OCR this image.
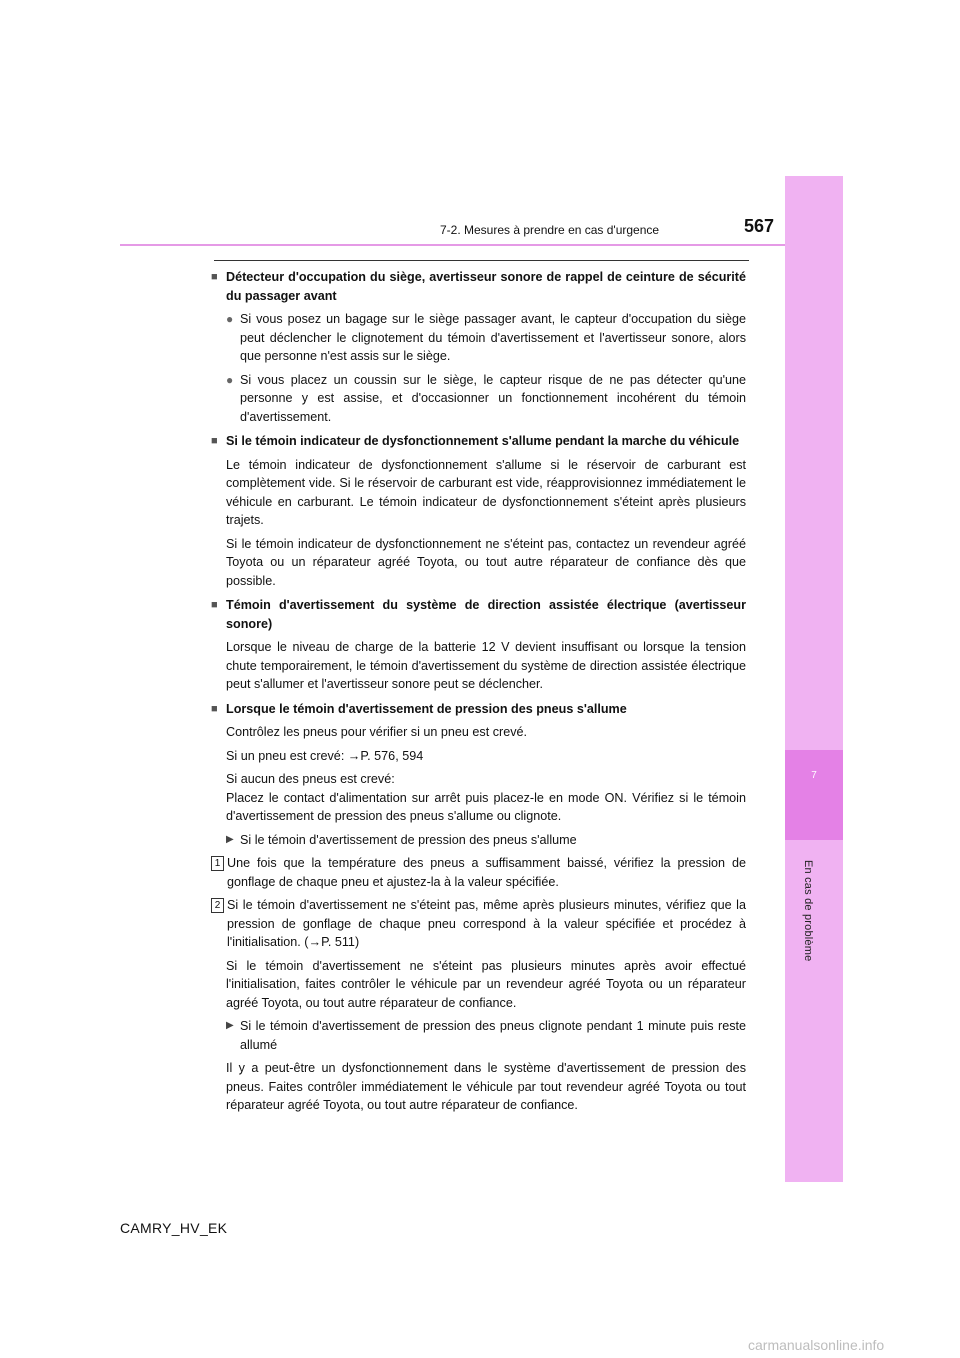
7
En cas de problème
7-2. Mesures à prendre en cas d'urgence	567
■ Détecteur d'occupation du siège, avertisseur sonore de rappel de ceinture de sécurité du passager avant
● Si vous posez un bagage sur le siège passager avant, le capteur d'occupation du siège peut déclencher le clignotement du témoin d'avertissement et l'avertisseur sonore, alors que personne n'est assis sur le siège.
● Si vous placez un coussin sur le siège, le capteur risque de ne pas détecter qu'une personne y est assise, et d'occasionner un fonctionnement incohérent du témoin d'avertissement.
■ Si le témoin indicateur de dysfonctionnement s'allume pendant la marche du véhicule
Le témoin indicateur de dysfonctionnement s'allume si le réservoir de carburant est complètement vide. Si le réservoir de carburant est vide, réapprovisionnez immédiatement le véhicule en carburant. Le témoin indicateur de dysfonctionnement s'éteint après plusieurs trajets.
Si le témoin indicateur de dysfonctionnement ne s'éteint pas, contactez un revendeur agréé Toyota ou un réparateur agréé Toyota, ou tout autre réparateur de confiance dès que possible.
■ Témoin d'avertissement du système de direction assistée électrique (avertisseur sonore)
Lorsque le niveau de charge de la batterie 12 V devient insuffisant ou lorsque la tension chute temporairement, le témoin d'avertissement du système de direction assistée électrique peut s'allumer et l'avertisseur sonore peut se déclencher.
■ Lorsque le témoin d'avertissement de pression des pneus s'allume
Contrôlez les pneus pour vérifier si un pneu est crevé.
Si un pneu est crevé: →P. 576, 594
Si aucun des pneus est crevé:
Placez le contact d'alimentation sur arrêt puis placez-le en mode ON. Vérifiez si le témoin d'avertissement de pression des pneus s'allume ou clignote.
▶ Si le témoin d'avertissement de pression des pneus s'allume
1 Une fois que la température des pneus a suffisamment baissé, vérifiez la pression de gonflage de chaque pneu et ajustez-la à la valeur spécifiée.
2 Si le témoin d'avertissement ne s'éteint pas, même après plusieurs minutes, vérifiez que la pression de gonflage de chaque pneu correspond à la valeur spécifiée et procédez à l'initialisation. (→P. 511)
Si le témoin d'avertissement ne s'éteint pas plusieurs minutes après avoir effectué l'initialisation, faites contrôler le véhicule par un revendeur agréé Toyota ou un réparateur agréé Toyota, ou tout autre réparateur de confiance.
▶ Si le témoin d'avertissement de pression des pneus clignote pendant 1 minute puis reste allumé
Il y a peut-être un dysfonctionnement dans le système d'avertissement de pression des pneus. Faites contrôler immédiatement le véhicule par tout revendeur agréé Toyota ou tout réparateur agréé Toyota, ou tout autre réparateur de confiance.
CAMRY_HV_EK
carmanualsonline.info
